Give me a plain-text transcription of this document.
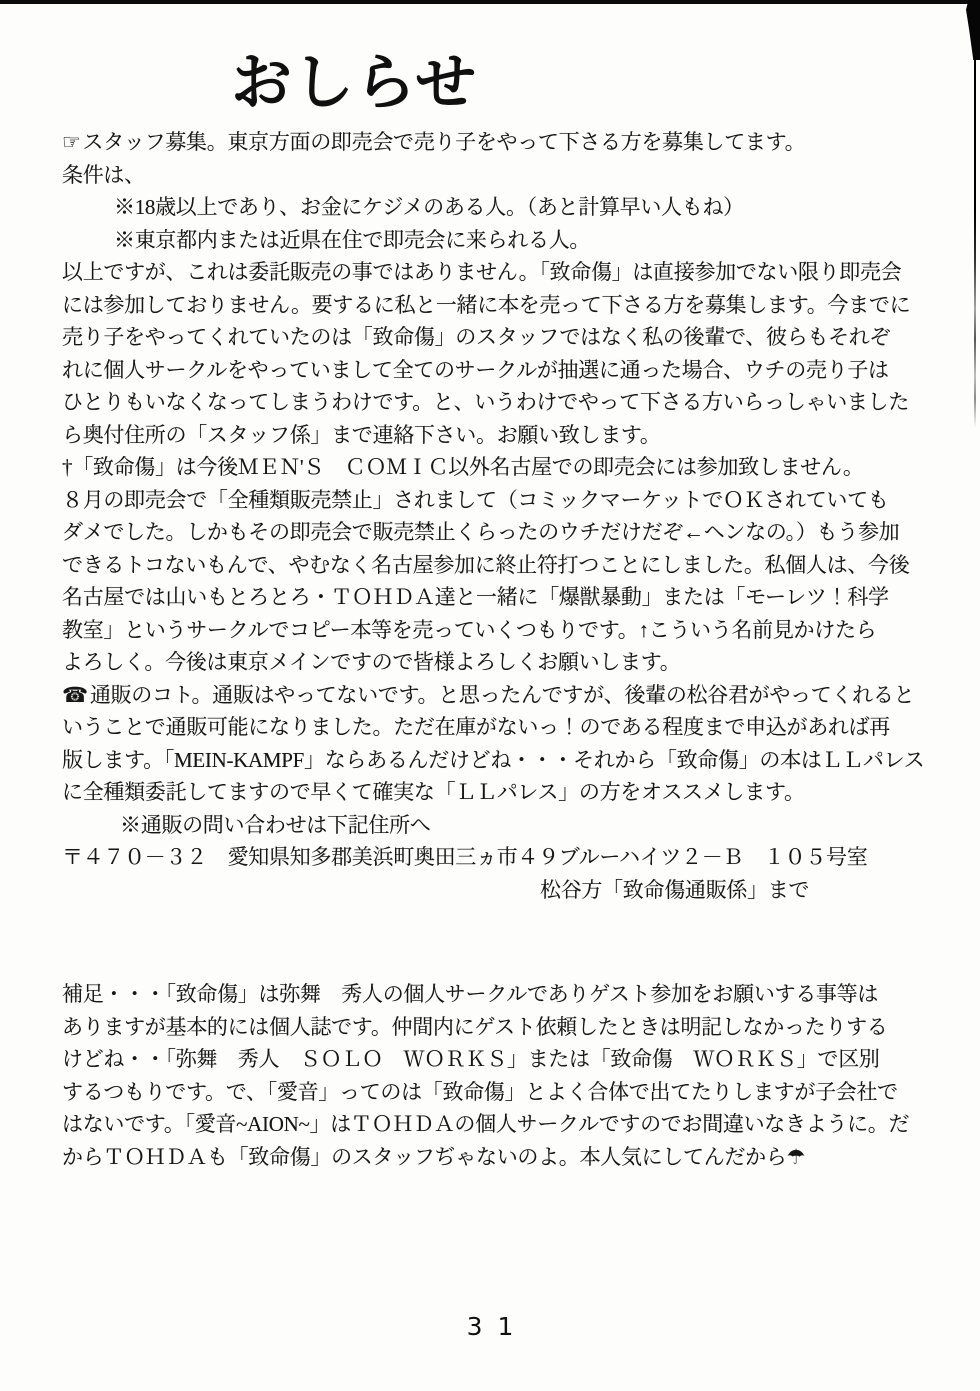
おしらせ

☞スタッフ募集。東京方面の即売会で売り子をやって下さる方を募集してます。

条件は、

※18歳以上であり、お金にケジメのある人。（あと計算早い人もね）

※東京都内または近県在住で即売会に来られる人。

以上ですが、これは委託販売の事ではありません。「致命傷」は直接参加でない限り即売会

には参加しておりません。要するに私と一緒に本を売って下さる方を募集します。今までに

売り子をやってくれていたのは「致命傷」のスタッフではなく私の後輩で、彼らもそれぞ

れに個人サークルをやっていまして全てのサークルが抽選に通った場合、ウチの売り子は

ひとりもいなくなってしまうわけです。と、いうわけでやって下さる方いらっしゃいました

ら奥付住所の「スタッフ係」まで連絡下さい。お願い致します。

†「致命傷」は今後ＭＥＮ'Ｓ　ＣＯＭＩＣ以外名古屋での即売会には参加致しません。

８月の即売会で「全種類販売禁止」されまして（コミックマーケットでＯＫされていても

ダメでした。しかもその即売会で販売禁止くらったのウチだけだぞ←ヘンなの。）もう参加

できるトコないもんで、やむなく名古屋参加に終止符打つことにしました。私個人は、今後

名古屋では山いもとろとろ・ＴＯＨＤＡ達と一緒に「爆獣暴動」または「モーレツ！科学

教室」というサークルでコピー本等を売っていくつもりです。↑こういう名前見かけたら

よろしく。今後は東京メインですので皆様よろしくお願いします。

☎通販のコト。通販はやってないです。と思ったんですが、後輩の松谷君がやってくれると

いうことで通販可能になりました。ただ在庫がないっ！のである程度まで申込があれば再

版します。「MEIN-KAMPF」ならあるんだけどね・・・それから「致命傷」の本はＬＬパレス

に全種類委託してますので早くて確実な「ＬＬパレス」の方をオススメします。

※通販の問い合わせは下記住所へ

〒４７０－３２　愛知県知多郡美浜町奥田三ヵ市４９ブルーハイツ２－Ｂ　１０５号室

松谷方「致命傷通販係」まで

補足・・・「致命傷」は弥舞　秀人の個人サークルでありゲスト参加をお願いする事等は

ありますが基本的には個人誌です。仲間内にゲスト依頼したときは明記しなかったりする

けどね・・「弥舞　秀人　ＳＯＬＯ　ＷＯＲＫＳ」または「致命傷　ＷＯＲＫＳ」で区別

するつもりです。で、「愛音」ってのは「致命傷」とよく合体で出てたりしますが子会社で

はないです。「愛音~AION~」はＴＯＨＤＡの個人サークルですのでお間違いなきように。だ

からＴＯＨＤＡも「致命傷」のスタッフぢゃないのよ。本人気にしてんだから☂

31
